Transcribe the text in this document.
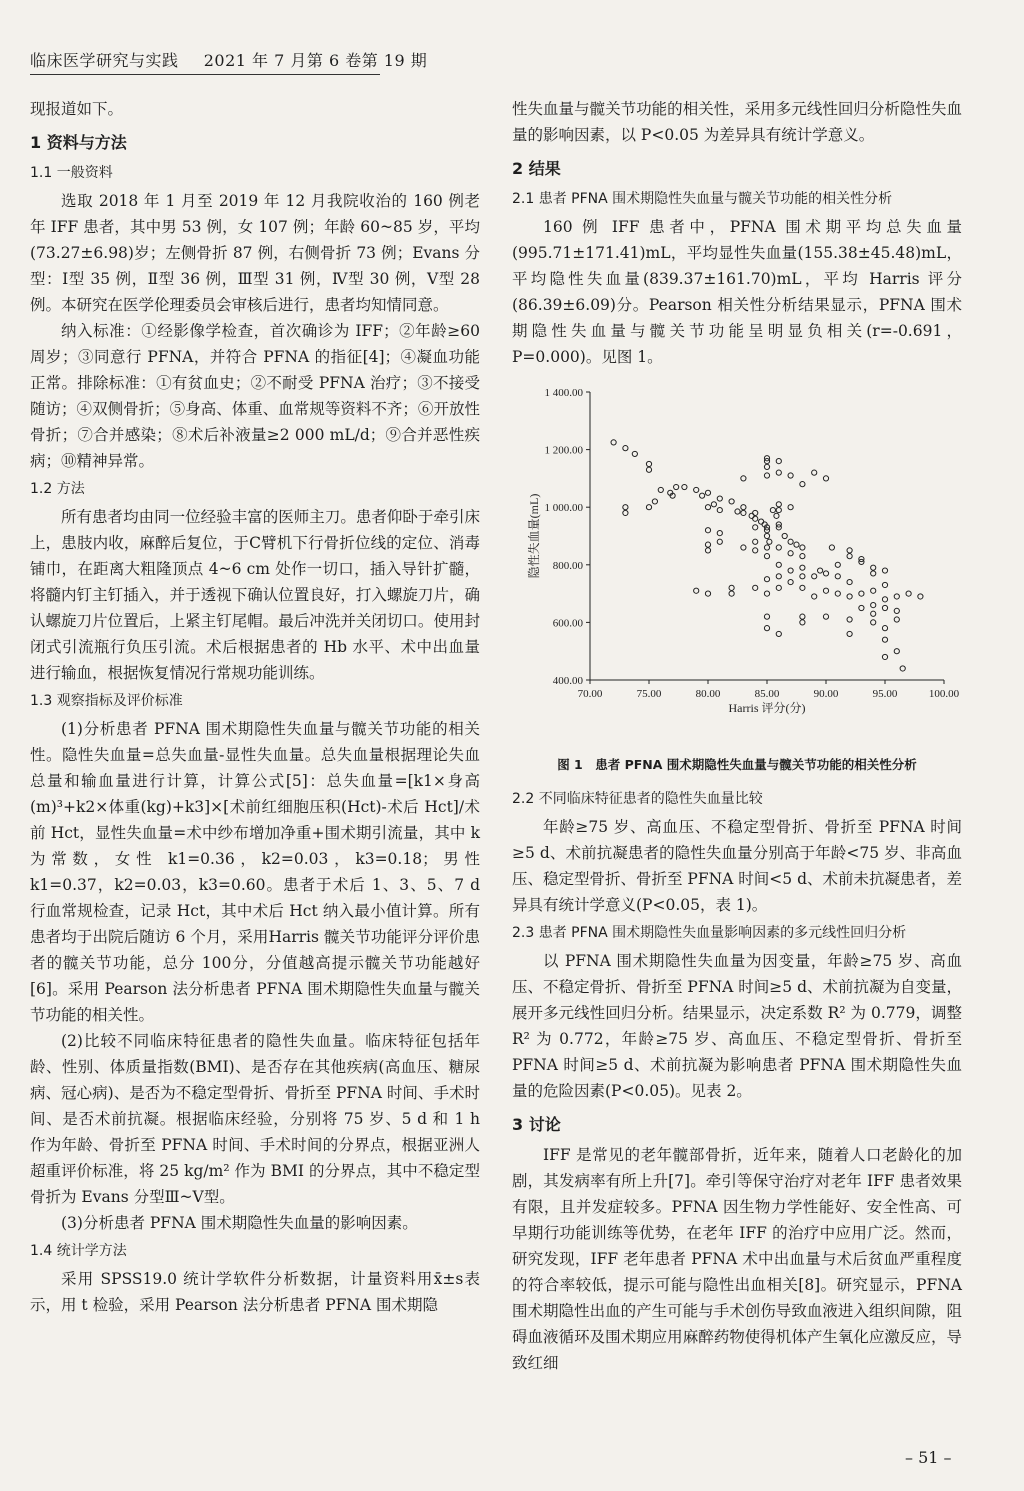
临床医学研究与实践 2021 年 7 月第 6 卷第 19 期

现报道如下。

1 资料与方法

1.1 一般资料

选取 2018 年 1 月至 2019 年 12 月我院收治的 160 例老年 IFF 患者，其中男 53 例，女 107 例；年龄 60~85 岁，平均(73.27±6.98)岁；左侧骨折 87 例，右侧骨折 73 例；Evans 分型：Ⅰ型 35 例，Ⅱ型 36 例，Ⅲ型 31 例，Ⅳ型 30 例，Ⅴ型 28例。本研究在医学伦理委员会审核后进行，患者均知情同意。

纳入标准：①经影像学检查，首次确诊为 IFF；②年龄≥60 周岁；③同意行 PFNA，并符合 PFNA 的指征[4]；④凝血功能正常。排除标准：①有贫血史；②不耐受 PFNA 治疗；③不接受随访；④双侧骨折；⑤身高、体重、血常规等资料不齐；⑥开放性骨折；⑦合并感染；⑧术后补液量≥2 000 mL/d；⑨合并恶性疾病；⑩精神异常。

1.2 方法

所有患者均由同一位经验丰富的医师主刀。患者仰卧于牵引床上，患肢内收，麻醉后复位，于C臂机下行骨折位线的定位、消毒铺巾，在距离大粗隆顶点 4~6 cm 处作一切口，插入导针扩髓，将髓内钉主钉插入，并于透视下确认位置良好，打入螺旋刀片，确认螺旋刀片位置后，上紧主钉尾帽。最后冲洗并关闭切口。使用封闭式引流瓶行负压引流。术后根据患者的 Hb 水平、术中出血量进行输血，根据恢复情况行常规功能训练。

1.3 观察指标及评价标准

(1)分析患者 PFNA 围术期隐性失血量与髋关节功能的相关性。隐性失血量=总失血量-显性失血量。总失血量根据理论失血总量和输血量进行计算，计算公式[5]：总失血量=[k1×身高(m)³+k2×体重(kg)+k3]×[术前红细胞压积(Hct)-术后 Hct]/术前 Hct，显性失血量=术中纱布增加净重+围术期引流量，其中 k 为常数，女性 k1=0.36，k2=0.03，k3=0.18；男性 k1=0.37，k2=0.03，k3=0.60。患者于术后 1、3、5、7 d 行血常规检查，记录 Hct，其中术后 Hct 纳入最小值计算。所有患者均于出院后随访 6 个月，采用Harris 髋关节功能评分评价患者的髋关节功能，总分 100分，分值越高提示髋关节功能越好[6]。采用 Pearson 法分析患者 PFNA 围术期隐性失血量与髋关节功能的相关性。

(2)比较不同临床特征患者的隐性失血量。临床特征包括年龄、性别、体质量指数(BMI)、是否存在其他疾病(高血压、糖尿病、冠心病)、是否为不稳定型骨折、骨折至 PFNA 时间、手术时间、是否术前抗凝。根据临床经验，分别将 75 岁、5 d 和 1 h 作为年龄、骨折至 PFNA 时间、手术时间的分界点，根据亚洲人超重评价标准，将 25 kg/m² 作为 BMI 的分界点，其中不稳定型骨折为 Evans 分型Ⅲ~Ⅴ型。

(3)分析患者 PFNA 围术期隐性失血量的影响因素。

1.4 统计学方法

采用 SPSS19.0 统计学软件分析数据，计量资料用x̄±s表示，用 t 检验，采用 Pearson 法分析患者 PFNA 围术期隐

性失血量与髋关节功能的相关性，采用多元线性回归分析隐性失血量的影响因素，以 P<0.05 为差异具有统计学意义。

2 结果

2.1 患者 PFNA 围术期隐性失血量与髋关节功能的相关性分析

160 例 IFF 患者中，PFNA 围术期平均总失血量(995.71±171.41)mL，平均显性失血量(155.38±45.48)mL，平均隐性失血量(839.37±161.70)mL，平均 Harris 评分(86.39±6.09)分。Pearson 相关性分析结果显示，PFNA 围术期隐性失血量与髋关节功能呈明显负相关(r=-0.691，P=0.000)。见图 1。

400.00
600.00
800.00
1 000.00
1 200.00
1 400.00
70.00	75.00	80.00	85.00	90.00	95.00	100.00
Harris 评分(分)
隐性失血量(mL)

图 1　患者 PFNA 围术期隐性失血量与髋关节功能的相关性分析

2.2 不同临床特征患者的隐性失血量比较

年龄≥75 岁、高血压、不稳定型骨折、骨折至 PFNA 时间≥5 d、术前抗凝患者的隐性失血量分别高于年龄<75 岁、非高血压、稳定型骨折、骨折至 PFNA 时间<5 d、术前未抗凝患者，差异具有统计学意义(P<0.05，表 1)。

2.3 患者 PFNA 围术期隐性失血量影响因素的多元线性回归分析

以 PFNA 围术期隐性失血量为因变量，年龄≥75 岁、高血压、不稳定骨折、骨折至 PFNA 时间≥5 d、术前抗凝为自变量，展开多元线性回归分析。结果显示，决定系数 R² 为 0.779，调整 R² 为 0.772，年龄≥75 岁、高血压、不稳定型骨折、骨折至 PFNA 时间≥5 d、术前抗凝为影响患者 PFNA 围术期隐性失血量的危险因素(P<0.05)。见表 2。

3 讨论

IFF 是常见的老年髋部骨折，近年来，随着人口老龄化的加剧，其发病率有所上升[7]。牵引等保守治疗对老年 IFF 患者效果有限，且并发症较多。PFNA 因生物力学性能好、安全性高、可早期行功能训练等优势，在老年 IFF 的治疗中应用广泛。然而，研究发现，IFF 老年患者 PFNA 术中出血量与术后贫血严重程度的符合率较低，提示可能与隐性出血相关[8]。研究显示，PFNA 围术期隐性出血的产生可能与手术创伤导致血液进入组织间隙，阻碍血液循环及围术期应用麻醉药物使得机体产生氧化应激反应，导致红细

– 51 –
